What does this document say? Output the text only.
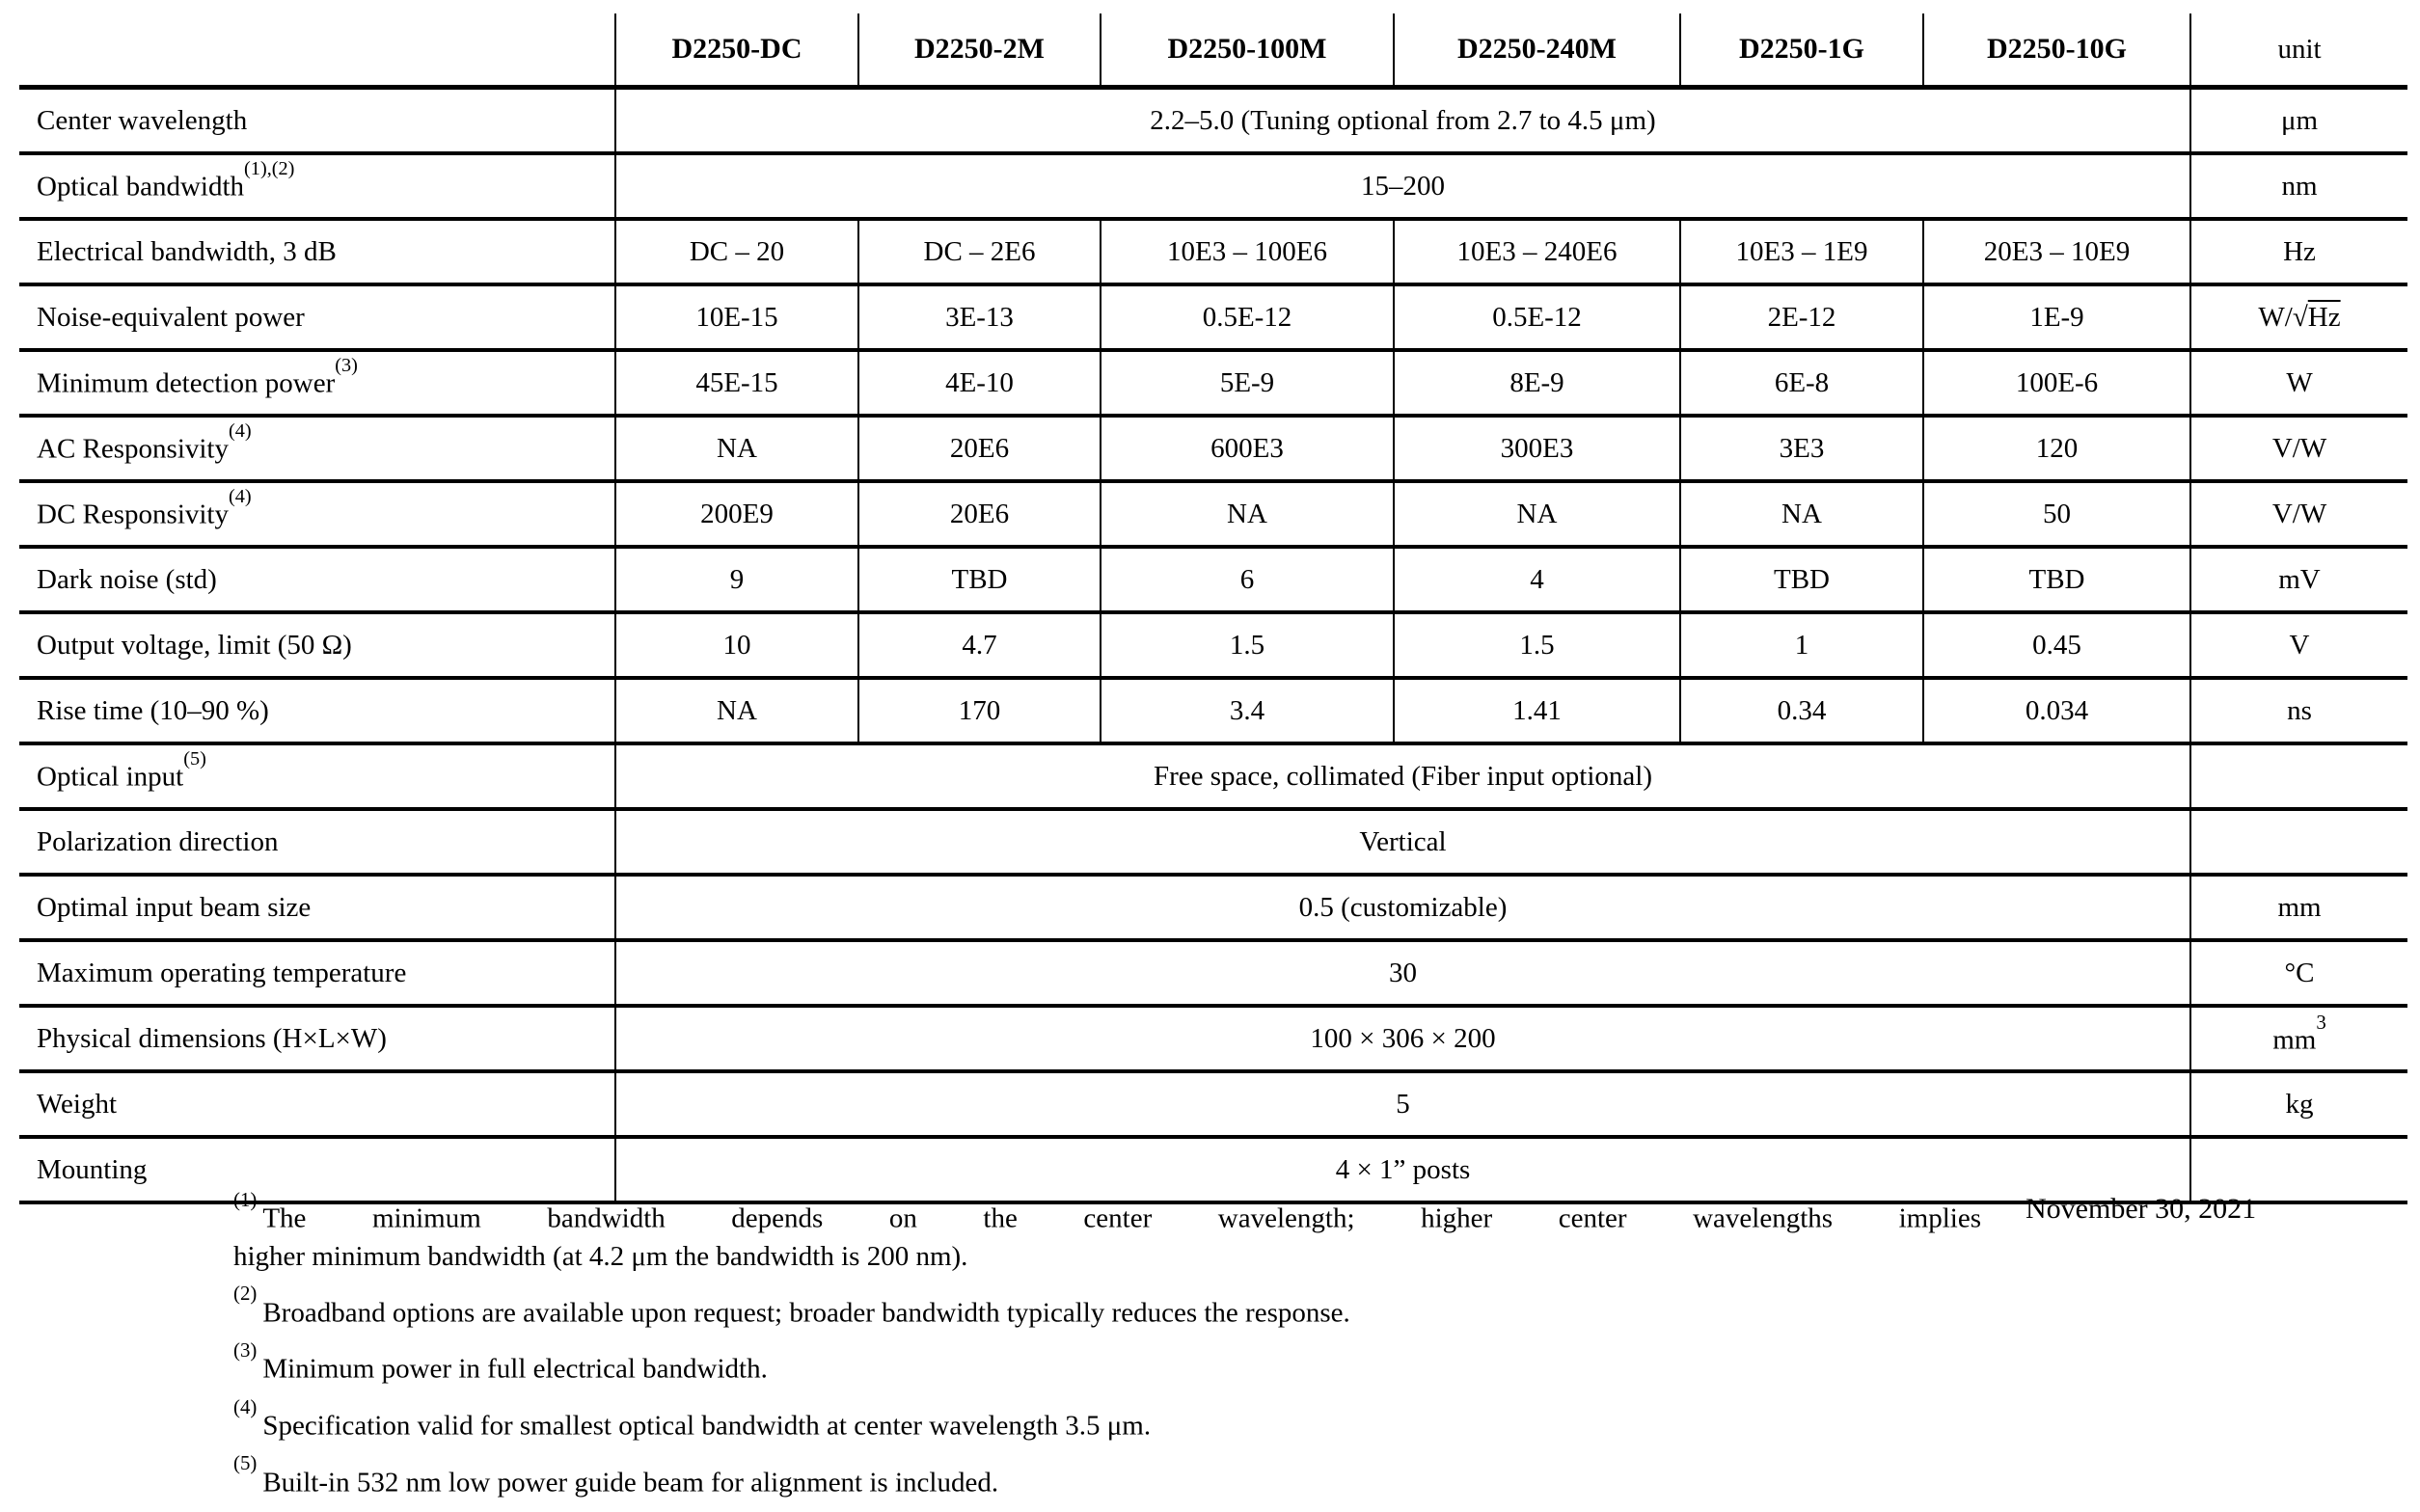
	D2250-DC	D2250-2M	D2250-100M	D2250-240M	D2250-1G	D2250-10G	unit
Center wavelength	2.2–5.0 (Tuning optional from 2.7 to 4.5 μm)						μm
Optical bandwidth$^{(1),(2)}$	15–200						nm
Electrical bandwidth, 3 dB	DC – 20	DC – 2E6	10E3 – 100E6	10E3 – 240E6	10E3 – 1E9	20E3 – 10E9	Hz
Noise-equivalent power	10E-15	3E-13	0.5E-12	0.5E-12	2E-12	1E-9	W/√Hz
Minimum detection power$^{(3)}$	45E-15	4E-10	5E-9	8E-9	6E-8	100E-6	W
AC Responsivity$^{(4)}$	NA	20E6	600E3	300E3	3E3	120	V/W
DC Responsivity$^{(4)}$	200E9	20E6	NA	NA	NA	50	V/W
Dark noise (std)	9	TBD	6	4	TBD	TBD	mV
Output voltage, limit (50 Ω)	10	4.7	1.5	1.5	1	0.45	V
Rise time (10–90 %)	NA	170	3.4	1.41	0.34	0.034	ns
Optical input$^{(5)}$	Free space, collimated (Fiber input optional)						
Polarization direction	Vertical						
Optimal input beam size	0.5 (customizable)						mm
Maximum operating temperature	30						°C
Physical dimensions (H×L×W)	100 × 306 × 200						$mm^3$
Weight	5						kg
Mounting	4 × 1” posts						
$^{(1)}$The minimum bandwidth depends on the center wavelength; higher center wavelengths implies
higher minimum bandwidth (at 4.2 μm the bandwidth is 200 nm).
$^{(2)}$Broadband options are available upon request; broader bandwidth typically reduces the response.
$^{(3)}$Minimum power in full electrical bandwidth.
$^{(4)}$Specification valid for smallest optical bandwidth at center wavelength 3.5 μm.
$^{(5)}$Built-in 532 nm low power guide beam for alignment is included.
November 30, 2021
